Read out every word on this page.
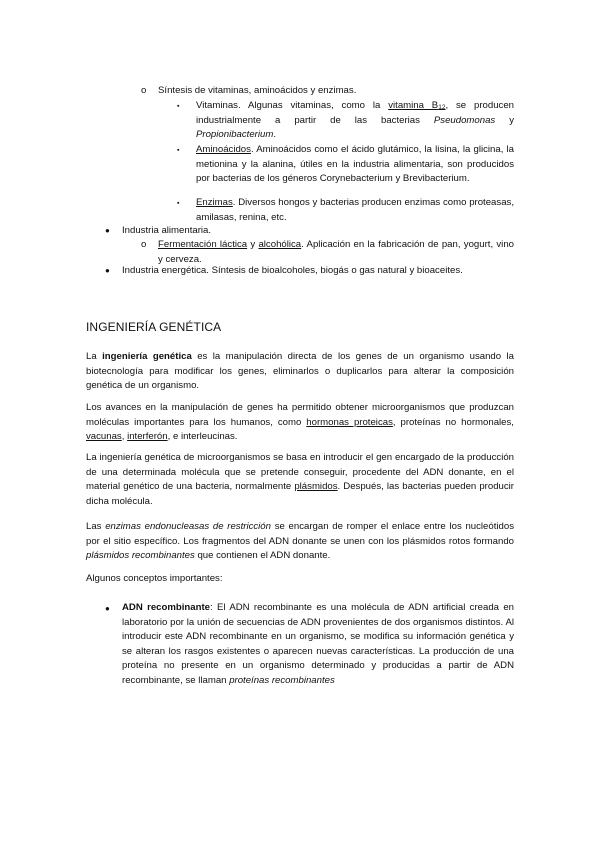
o Síntesis de vitaminas, aminoácidos y enzimas.
▪ Vitaminas. Algunas vitaminas, como la vitamina $B_{12}$, se producen industrialmente a partir de las bacterias Pseudomonas y Propionibacterium.
▪ Aminoácidos. Aminoácidos como el ácido glutámico, la lisina, la glicina, la metionina y la alanina, útiles en la industria alimentaria, son producidos por bacterias de los géneros Corynebacterium y Brevibacterium.
▪ Enzimas. Diversos hongos y bacterias producen enzimas como proteasas, amilasas, renina, etc.
● Industria alimentaria.
o Fermentación láctica y alcohólica. Aplicación en la fabricación de pan, yogurt, vino y cerveza.
● Industria energética. Síntesis de bioalcoholes, biogás o gas natural y bioaceites.
INGENIERÍA GENÉTICA
La ingeniería genética es la manipulación directa de los genes de un organismo usando la biotecnología para modificar los genes, eliminarlos o duplicarlos para alterar la composición genética de un organismo.
Los avances en la manipulación de genes ha permitido obtener microorganismos que produzcan moléculas importantes para los humanos, como hormonas proteicas, proteínas no hormonales, vacunas, interferón, e interleucinas.
La ingeniería genética de microorganismos se basa en introducir el gen encargado de la producción de una determinada molécula que se pretende conseguir, procedente del ADN donante, en el material genético de una bacteria, normalmente plásmidos. Después, las bacterias pueden producir dicha molécula.
Las enzimas endonucleasas de restricción se encargan de romper el enlace entre los nucleótidos por el sitio específico. Los fragmentos del ADN donante se unen con los plásmidos rotos formando plásmidos recombinantes que contienen el ADN donante.
Algunos conceptos importantes:
● ADN recombinante: El ADN recombinante es una molécula de ADN artificial creada en laboratorio por la unión de secuencias de ADN provenientes de dos organismos distintos. Al introducir este ADN recombinante en un organismo, se modifica su información genética y se alteran los rasgos existentes o aparecen nuevas características. La producción de una proteína no presente en un organismo determinado y producidas a partir de ADN recombinante, se llaman proteínas recombinantes
